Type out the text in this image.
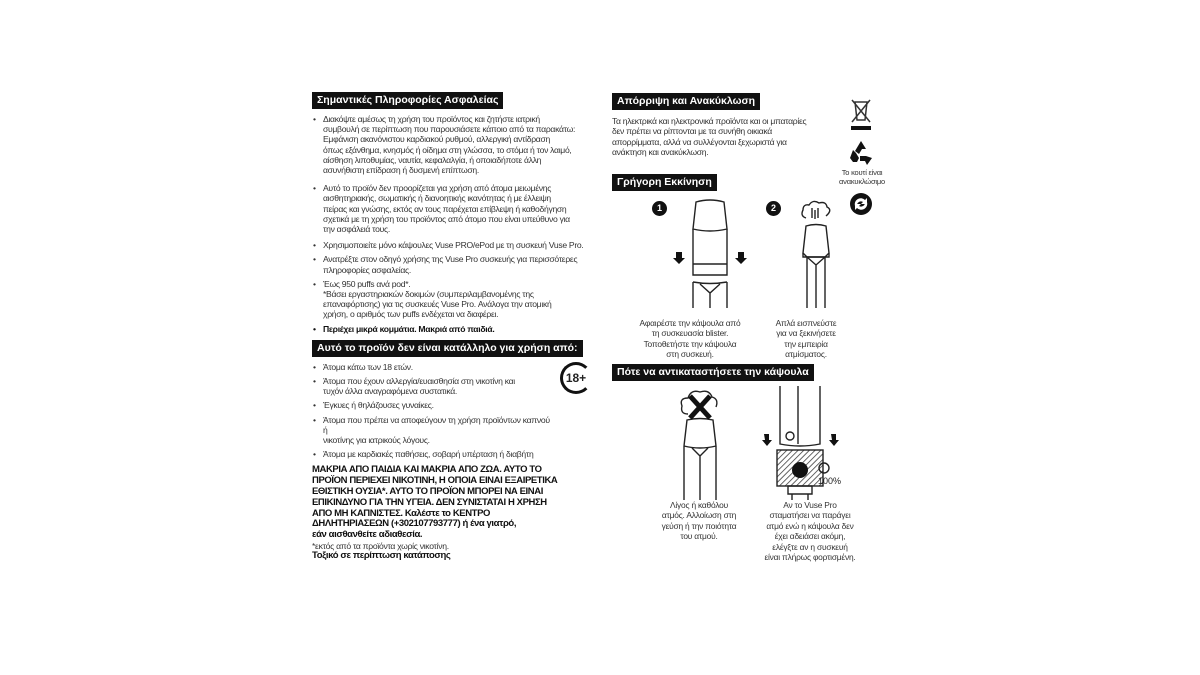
Σημαντικές Πληροφορίες Ασφαλείας
• Διακόψτε αμέσως τη χρήση του προϊόντος και ζητήστε ιατρική
συμβουλή σε περίπτωση που παρουσιάσετε κάποιο από τα παρακάτω:
Εμφάνιση ακανόνιστου καρδιακού ρυθμού, αλλεργική αντίδραση
όπως εξάνθημα, κνησμός ή οίδημα στη γλώσσα, το στόμα ή τον λαιμό,
αίσθηση λιποθυμίας, ναυτία, κεφαλαλγία, ή οποιαδήποτε άλλη
ασυνήθιστη επίδραση ή δυσμενή επίπτωση.
• Αυτό το προϊόν δεν προορίζεται για χρήση από άτομα μειωμένης
αισθητηριακής, σωματικής ή διανοητικής ικανότητας ή με έλλειψη
πείρας και γνώσης, εκτός αν τους παρέχεται επίβλεψη ή καθοδήγηση
σχετικά με τη χρήση του προϊόντος από άτομο που είναι υπεύθυνο για
την ασφάλειά τους.
• Χρησιμοποιείτε μόνο κάψουλες Vuse PRO/ePod με τη συσκευή Vuse Pro.
• Ανατρέξτε στον οδηγό χρήσης της Vuse Pro συσκευής για περισσότερες
πληροφορίες ασφαλείας.
• Έως 950 puffs ανά pod*.
*Βάσει εργαστηριακών δοκιμών (συμπεριλαμβανομένης της
επαναφόρτισης) για τις συσκευές Vuse Pro. Ανάλογα την ατομική
χρήση, ο αριθμός των puffs ενδέχεται να διαφέρει.
• Περιέχει μικρά κομμάτια. Μακριά από παιδιά.
Αυτό το προϊόν δεν είναι κατάλληλο για χρήση από:
• Άτομα κάτω των 18 ετών.
• Άτομα που έχουν αλλεργία/ευαισθησία στη νικοτίνη και
τυχόν άλλα αναγραφόμενα συστατικά.
• Έγκυες ή θηλάζουσες γυναίκες.
• Άτομα που πρέπει να αποφεύγουν τη χρήση προϊόντων καπνού ή
νικοτίνης για ιατρικούς λόγους.
• Άτομα με καρδιακές παθήσεις, σοβαρή υπέρταση ή διαβήτη
18+
ΜΑΚΡΙΑ ΑΠΟ ΠΑΙΔΙΑ ΚΑΙ ΜΑΚΡΙΑ ΑΠΟ ΖΩΑ. ΑΥΤΟ ΤΟ
ΠΡΟΪΟΝ ΠΕΡΙΕΧΕΙ ΝΙΚΟΤΙΝΗ, Η ΟΠΟΙΑ ΕΙΝΑΙ ΕΞΑΙΡΕΤΙΚΑ
ΕΘΙΣΤΙΚΗ ΟΥΣΙΑ*. ΑΥΤΟ ΤΟ ΠΡΟΪΟΝ ΜΠΟΡΕΙ ΝΑ ΕΙΝΑΙ
ΕΠΙΚΙΝΔΥΝΟ ΓΙΑ ΤΗΝ ΥΓΕΙΑ. ΔΕΝ ΣΥΝΙΣΤΑΤΑΙ Η ΧΡΗΣΗ
ΑΠΟ ΜΗ ΚΑΠΝΙΣΤΕΣ. Καλέστε το ΚΕΝΤΡΟ
ΔΗΛΗΤΗΡΙΑΣΕΩΝ (+302107793777) ή ένα γιατρό,
εάν αισθανθείτε αδιαθεσία.
*εκτός από τα προϊόντα χωρίς νικοτίνη.
Τοξικό σε περίπτωση κατάποσης
Απόρριψη και Ανακύκλωση
Τα ηλεκτρικά και ηλεκτρονικά προϊόντα και οι μπαταρίες
δεν πρέπει να ρίπτονται με τα συνήθη οικιακά
απορρίμματα, αλλά να συλλέγονται ξεχωριστά για
ανάκτηση και ανακύκλωση.
Το κουτί είναι
ανακυκλώσιμο
Γρήγορη Εκκίνηση
1
Αφαιρέστε την κάψουλα από
τη συσκευασία blister.
Τοποθετήστε την κάψουλα
στη συσκευή.
2
Απλά εισπνεύστε
για να ξεκινήσετε
την εμπειρία
ατμίσματος.
Πότε να αντικαταστήσετε την κάψουλα
Λίγος ή καθόλου
ατμός. Αλλοίωση στη
γεύση ή την ποιότητα
του ατμού.
100%
Αν το Vuse Pro
σταματήσει να παράγει
ατμό ενώ η κάψουλα δεν
έχει αδειάσει ακόμη,
ελέγξτε αν η συσκευή
είναι πλήρως φορτισμένη.
